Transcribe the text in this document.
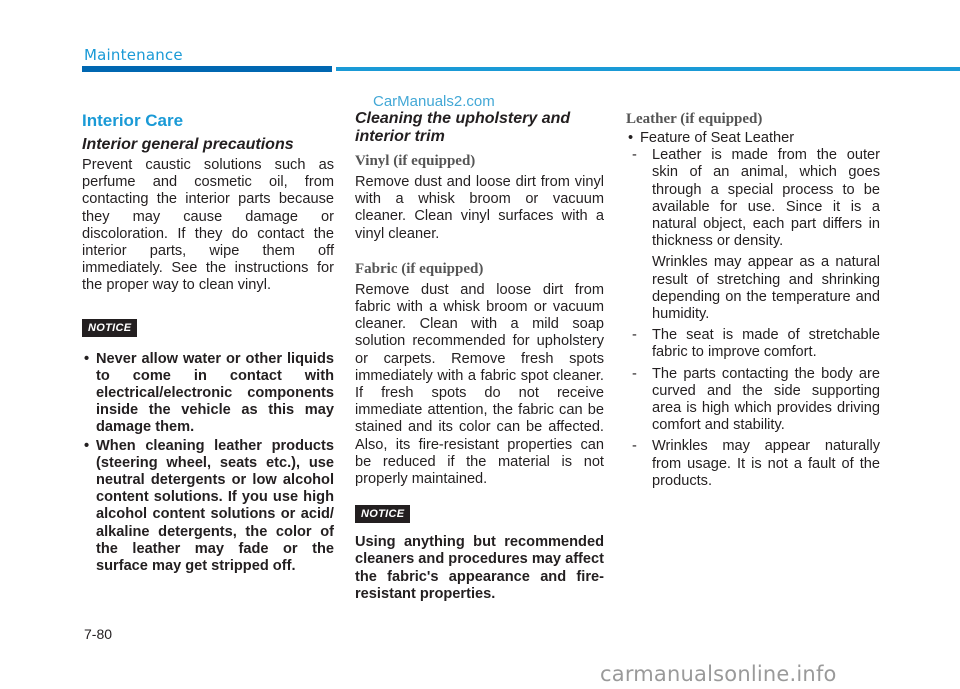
Maintenance
CarManuals2.com
Interior Care
Interior general precautions

Prevent caustic solutions such as perfume and cosmetic oil, from contacting the interior parts because they may cause damage or discoloration. If they do contact the interior parts, wipe them off immediately. See the instructions for the proper way to clean vinyl.

NOTICE
• Never allow water or other liquids to come in contact with electrical/electronic components inside the vehicle as this may damage them.
• When cleaning leather products (steering wheel, seats etc.), use neutral detergents or low alcohol content solutions. If you use high alcohol content solutions or acid/ alkaline detergents, the color of the leather may fade or the surface may get stripped off.
Cleaning the upholstery and interior trim
Vinyl (if equipped)

Remove dust and loose dirt from vinyl with a whisk broom or vacuum cleaner. Clean vinyl surfaces with a vinyl cleaner.

Fabric (if equipped)

Remove dust and loose dirt from fabric with a whisk broom or vacuum cleaner. Clean with a mild soap solution recommended for upholstery or carpets. Remove fresh spots immediately with a fabric spot cleaner. If fresh spots do not receive immediate attention, the fabric can be stained and its color can be affected. Also, its fire-resistant properties can be reduced if the material is not properly maintained.

NOTICE

Using anything but recommended cleaners and procedures may affect the fabric's appearance and fire-resistant properties.

Leather (if equipped)
• Feature of Seat Leather
- Leather is made from the outer skin of an animal, which goes through a special process to be available for use. Since it is a natural object, each part differs in thickness or density.
Wrinkles may appear as a natural result of stretching and shrinking depending on the temperature and humidity.
- The seat is made of stretchable fabric to improve comfort.
- The parts contacting the body are curved and the side supporting area is high which provides driving comfort and stability.
- Wrinkles may appear naturally from usage. It is not a fault of the products.
7-80
carmanualsonline.info
